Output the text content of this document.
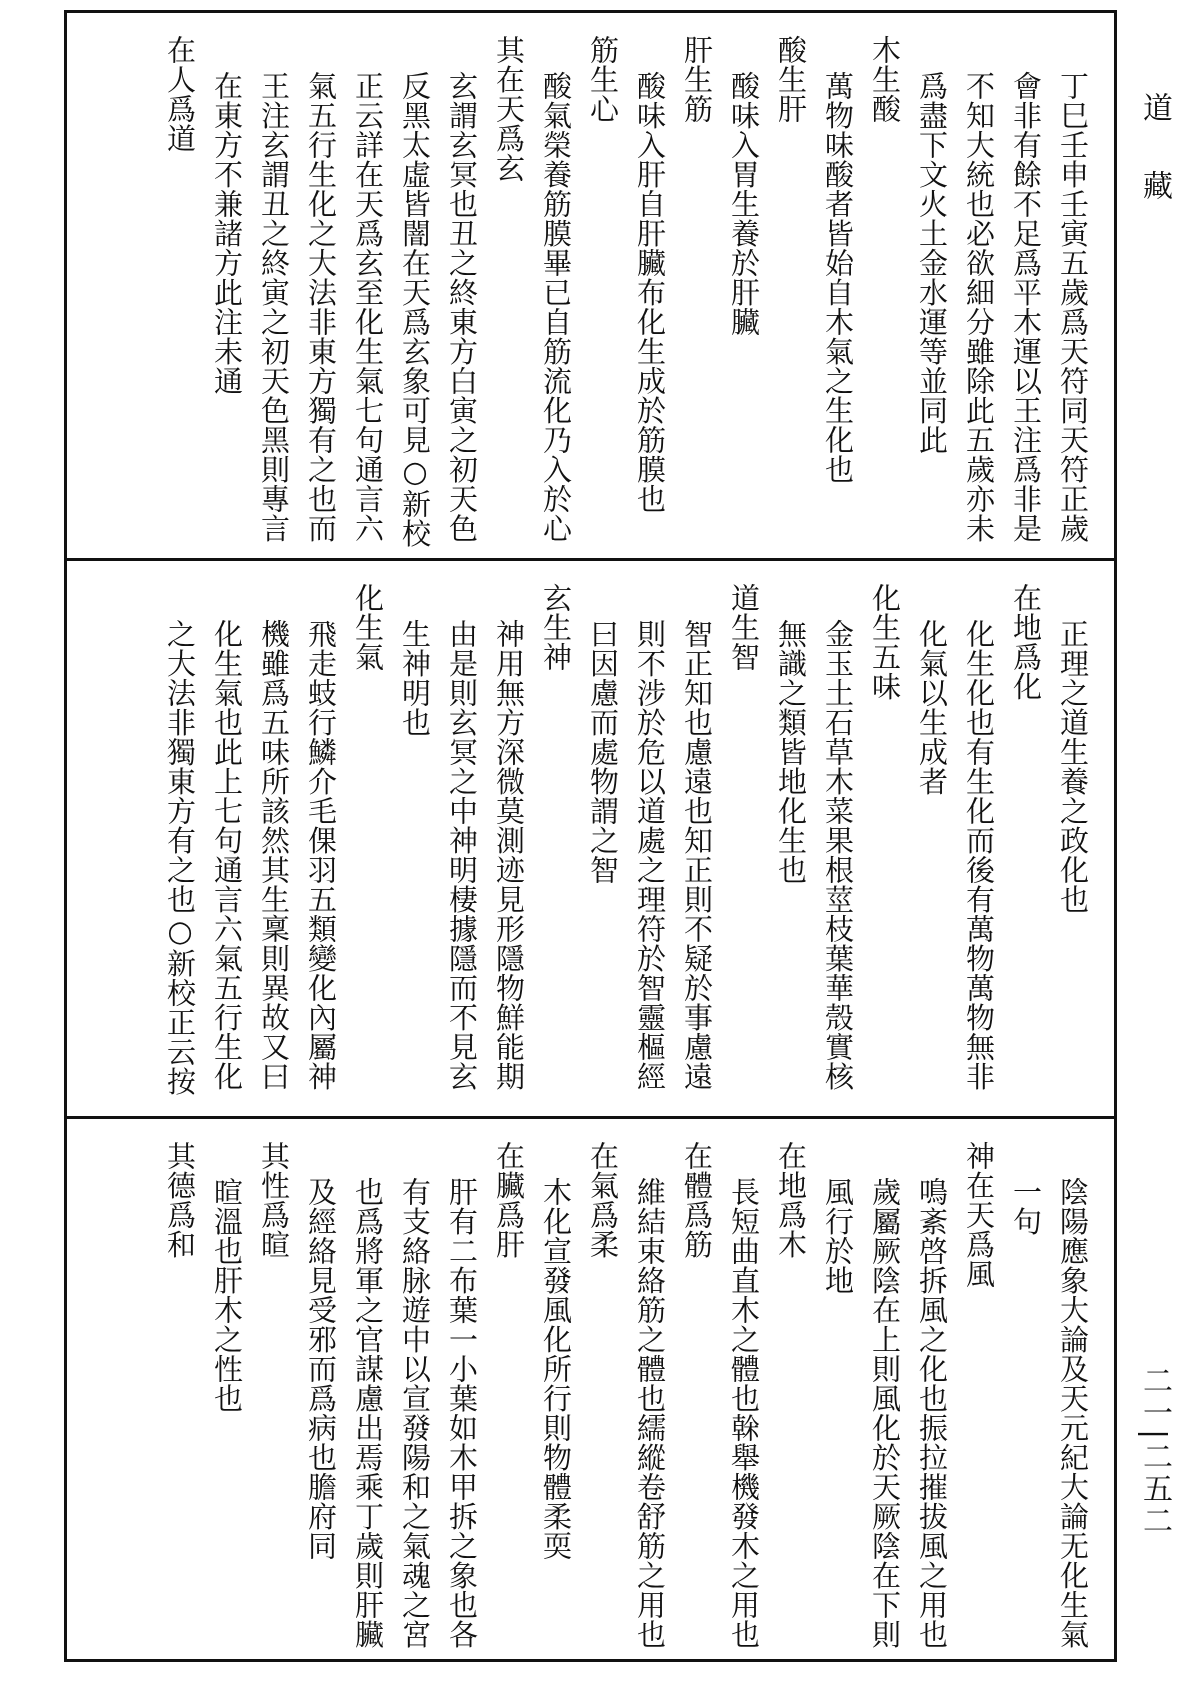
道藏
丁巳壬申壬寅五歲爲天符同天符正歲
會非有餘不足爲平木運以王注爲非是
不知大統也必欲細分雖除此五歲亦未
爲盡下文火土金水運等並同此
木生酸
萬物味酸者皆始自木氣之生化也
酸生肝
酸味入胃生養於肝臟
肝生筋
酸味入肝自肝臟布化生成於筋膜也
筋生心
酸氣榮養筋膜畢已自筋流化乃入於心
其在天爲玄
玄謂玄冥也丑之終東方白寅之初天色
反黑太虛皆闇在天爲玄象可見○新校
正云詳在天爲玄至化生氣七句通言六
氣五行生化之大法非東方獨有之也而
王注玄謂丑之終寅之初天色黑則專言
在東方不兼諸方此注未通
在人爲道
正理之道生養之政化也
在地爲化
化生化也有生化而後有萬物萬物無非
化氣以生成者
化生五味
金玉土石草木菜果根莖枝葉華殼實核
無識之類皆地化生也
道生智
智正知也慮遠也知正則不疑於事慮遠
則不涉於危以道處之理符於智靈樞經
曰因慮而處物謂之智
玄生神
神用無方深微莫測迹見形隱物鮮能期
由是則玄冥之中神明棲據隱而不見玄
生神明也
化生氣
飛走蚑行鱗介毛倮羽五類變化內屬神
機雖爲五味所該然其生稟則異故又曰
化生氣也此上七句通言六氣五行生化
之大法非獨東方有之也○新校正云按
陰陽應象大論及天元紀大論无化生氣
一句
神在天爲風
鳴紊啓拆風之化也振拉摧拔風之用也
歲屬厥陰在上則風化於天厥陰在下則
風行於地
在地爲木
長短曲直木之體也榦舉機發木之用也
在體爲筋
維結束絡筋之體也繻縱卷舒筋之用也
在氣爲柔
木化宣發風化所行則物體柔耎
在臟爲肝
肝有二布葉一小葉如木甲拆之象也各
有支絡脉遊中以宣發陽和之氣魂之宮
也爲將軍之官謀慮出焉乘丁歲則肝臟
及經絡見受邪而爲病也膽府同
其性爲暄
暄溫也肝木之性也
其德爲和
二一|二五二
